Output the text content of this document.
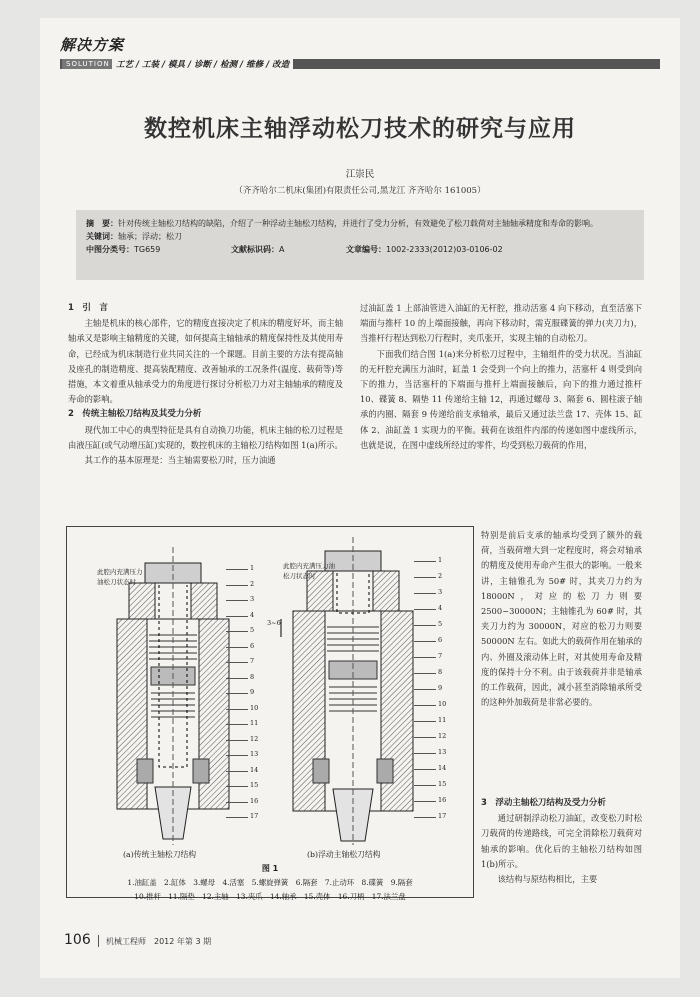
解决方案
SOLUTION 工艺 / 工装 / 模具 / 诊断 / 检测 / 维修 / 改造
数控机床主轴浮动松刀技术的研究与应用
江崇民
（齐齐哈尔二机床(集团)有限责任公司,黑龙江 齐齐哈尔 161005）
摘　要：针对传统主轴松刀结构的缺陷，介绍了一种浮动主轴松刀结构，并进行了受力分析，有效避免了松刀载荷对主轴轴承精度和寿命的影响。
关键词：轴承；浮动；松刀
中图分类号：TG659	文献标识码：A	文章编号：1002-2333(2012)03-0106-02
1　引　言

主轴是机床的核心部件，它的精度直接决定了机床的精度好坏，而主轴轴承又是影响主轴精度的关键，如何提高主轴轴承的精度保持性及其使用寿命，已经成为机床制造行业共同关注的一个课题。目前主要的方法有提高轴及座孔的制造精度、提高装配精度、改善轴承的工况条件(温度、载荷等)等措施，本文着重从轴承受力的角度进行探讨分析松刀力对主轴轴承的精度及寿命的影响。

2　传统主轴松刀结构及其受力分析

现代加工中心的典型特征是具有自动换刀功能，机床主轴的松刀过程是由液压缸(或气动增压缸)实现的，数控机床的主轴松刀结构如图 1(a)所示。

其工作的基本原理是：当主轴需要松刀时，压力油通

过油缸盖 1 上部油管进入油缸的无杆腔，推动活塞 4 向下移动，直至活塞下端面与推杆 10 的上端面接触，再向下移动时，需克服碟簧的弹力(夹刀力)，当推杆行程达到松刀行程时，夹爪张开，实现主轴的自动松刀。

下面我们结合图 1(a)来分析松刀过程中，主轴组件的受力状况。当油缸的无杆腔充满压力油时，缸盖 1 会受到一个向上的推力，活塞杆 4 则受到向下的推力，当活塞杆的下端面与推杆上端面接触后，向下的推力通过推杆 10、碟簧 8、隔垫 11 传递给主轴 12，再通过螺母 3、隔套 6、圆柱滚子轴承的内圈、隔套 9 传递给前支承轴承，最后又通过法兰盘 17、壳体 15、缸体 2、油缸盖 1 实现力的平衡。载荷在该组件内部的传递如图中虚线所示，也就是说，在图中虚线所经过的零件，均受到松刀载荷的作用，

特别是前后支承的轴承均受到了额外的载荷，当载荷增大到一定程度时，将会对轴承的精度及使用寿命产生很大的影响。一般来讲，主轴锥孔为 50# 时，其夹刀力约为 18000N，对应的松刀力则要 2500~30000N；主轴锥孔为 60# 时，其夹刀力约为 30000N，对应的松刀力则要 50000N 左右。如此大的载荷作用在轴承的内、外圈及滚动体上时，对其使用寿命及精度的保持十分不利。由于该载荷并非是轴承的工作载荷，因此，减小甚至消除轴承所受的这种外加载荷是非常必要的。

3　浮动主轴松刀结构及受力分析

通过研制浮动松刀油缸，改变松刀时松刀载荷的传递路线，可完全消除松刀载荷对轴承的影响。优化后的主轴松刀结构如图 1(b)所示。

该结构与原结构相比，主要

此腔内充满压力
油松刀状态时
此腔内充满压力油
松刀状态时
3~6
(a)传统主轴松刀结构	(b)浮动主轴松刀结构
1
2
3
4
5
6
7
8
9
10
11
12
13
14
15
16
17
1
2
3
4
5
6
7
8
9
10
11
12
13
14
15
16
17
图 1
1.油缸盖　2.缸体　3.螺母　4.活塞　5.螺旋弹簧　6.隔套　7.止动环　8.碟簧　9.隔套
10.推杆　11.隔垫　12.主轴　13.夹爪　14.轴承　15.壳体　16.刀柄　17.法兰盘
106 机械工程师　2012 年第 3 期
